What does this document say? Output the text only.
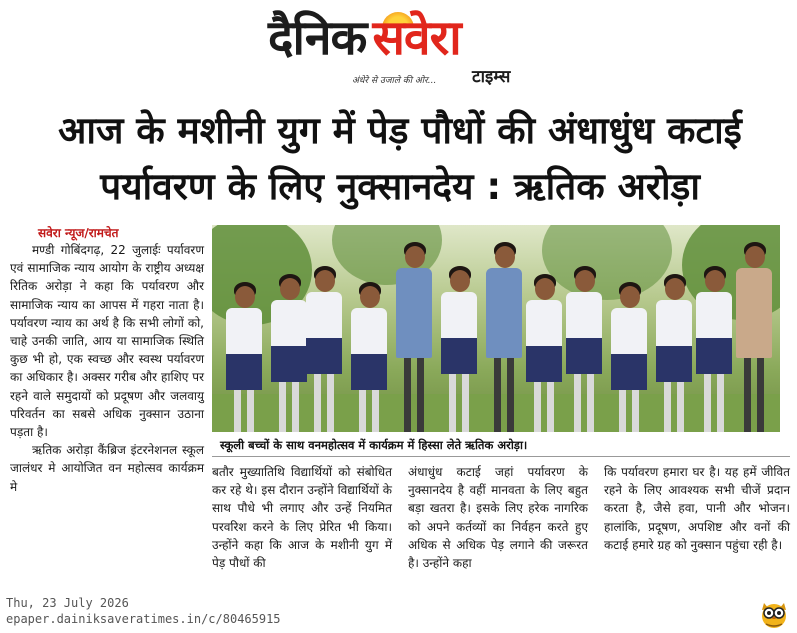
दैनिक सवेरा
अंधेरे से उजाले की ओर... टाइम्स
आज के मशीनी युग में पेड़ पौधों की अंधाधुंध कटाई
पर्यावरण के लिए नुक्सानदेय : ऋतिक अरोड़ा
सवेरा न्यूज/रामचेत

मण्डी गोबिंदगढ़, 22 जुलाईः पर्यावरण एवं सामाजिक न्याय आयोग के राष्ट्रीय अध्यक्ष रितिक अरोड़ा ने कहा कि पर्यावरण और सामाजिक न्याय का आपस में गहरा नाता है। पर्यावरण न्याय का अर्थ है कि सभी लोगों को, चाहे उनकी जाति, आय या सामाजिक स्थिति कुछ भी हो, एक स्वच्छ और स्वस्थ पर्यावरण का अधिकार है। अक्सर गरीब और हाशिए पर रहने वाले समुदायों को प्रदूषण और जलवायु परिवर्तन का सबसे अधिक नुक्सान उठाना पड़ता है।

ऋतिक अरोड़ा कैंब्रिज इंटरनेशनल स्कूल जालंधर मे आयोजित वन महोत्सव कार्यक्रम मे

स्कूली बच्चों के साथ वनमहोत्सव में कार्यक्रम में हिस्सा लेते ऋतिक अरोड़ा।

बतौर मुख्यातिथि विद्यार्थियों को संबोधित कर रहे थे। इस दौरान उन्होंने विद्यार्थियों के साथ पौधे भी लगाए और उन्हें नियमित परवरिश करने के लिए प्रेरित भी किया। उन्होंने कहा कि आज के मशीनी युग में पेड़ पौधों की

अंधाधुंध कटाई जहां पर्यावरण के नुक्सानदेय है वहीं मानवता के लिए बहुत बड़ा खतरा है। इसके लिए हरेक नागरिक को अपने कर्तव्यों का निर्वहन करते हुए अधिक से अधिक पेड़ लगाने की जरूरत है। उन्होंने कहा

कि पर्यावरण हमारा घर है। यह हमें जीवित रहने के लिए आवश्यक सभी चीजें प्रदान करता है, जैसे हवा, पानी और भोजन। हालांकि, प्रदूषण, अपशिष्ट और वनों की कटाई हमारे ग्रह को नुक्सान पहुंचा रही है।

Thu, 23 July 2026
epaper.dainiksaveratimes.in/c/80465915
